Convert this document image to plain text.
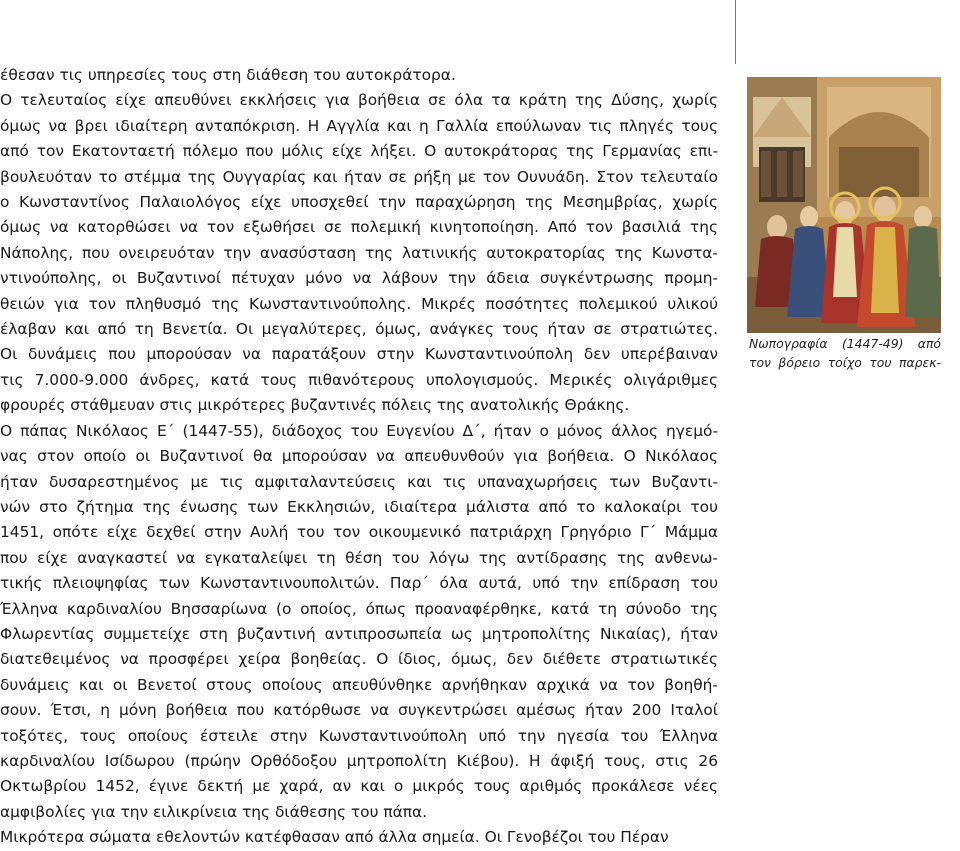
έθεσαν τις υπηρεσίες τους στη διάθεση του αυτοκράτορα.
Ο τελευταίος είχε απευθύνει εκκλήσεις για βοήθεια σε όλα τα κράτη της Δύσης, χωρίς
όμως να βρει ιδιαίτερη ανταπόκριση. Η Αγγλία και η Γαλλία επούλωναν τις πληγές τους
από τον Εκατονταετή πόλεμο που μόλις είχε λήξει. Ο αυτοκράτορας της Γερμανίας επι-
βουλευόταν το στέμμα της Ουγγαρίας και ήταν σε ρήξη με τον Ουνυάδη. Στον τελευταίο
ο Κωνσταντίνος Παλαιολόγος είχε υποσχεθεί την παραχώρηση της Μεσημβρίας, χωρίς
όμως να κατορθώσει να τον εξωθήσει σε πολεμική κινητοποίηση. Από τον βασιλιά της
Νάπολης, που ονειρευόταν την ανασύσταση της λατινικής αυτοκρατορίας της Κωνστα-
ντινούπολης, οι Βυζαντινοί πέτυχαν μόνο να λάβουν την άδεια συγκέντρωσης προμη-
θειών για τον πληθυσμό της Κωνσταντινούπολης. Μικρές ποσότητες πολεμικού υλικού
έλαβαν και από τη Βενετία. Οι μεγαλύτερες, όμως, ανάγκες τους ήταν σε στρατιώτες.
Οι δυνάμεις που μπορούσαν να παρατάξουν στην Κωνσταντινούπολη δεν υπερέβαιναν
τις 7.000-9.000 άνδρες, κατά τους πιθανότερους υπολογισμούς. Μερικές ολιγάριθμες
φρουρές στάθμευαν στις μικρότερες βυζαντινές πόλεις της ανατολικής Θράκης.
Ο πάπας Νικόλαος Ε΄ (1447-55), διάδοχος του Ευγενίου Δ΄, ήταν ο μόνος άλλος ηγεμό-
νας στον οποίο οι Βυζαντινοί θα μπορούσαν να απευθυνθούν για βοήθεια. Ο Νικόλαος
ήταν δυσαρεστημένος με τις αμφιταλαντεύσεις και τις υπαναχωρήσεις των Βυζαντι-
νών στο ζήτημα της ένωσης των Εκκλησιών, ιδιαίτερα μάλιστα από το καλοκαίρι του
1451, οπότε είχε δεχθεί στην Αυλή του τον οικουμενικό πατριάρχη Γρηγόριο Γ΄ Μάμμα
που είχε αναγκαστεί να εγκαταλείψει τη θέση του λόγω της αντίδρασης της ανθενω-
τικής πλειοψηφίας των Κωνσταντινουπολιτών. Παρ΄ όλα αυτά, υπό την επίδραση του
Έλληνα καρδιναλίου Βησσαρίωνα (ο οποίος, όπως προαναφέρθηκε, κατά τη σύνοδο της
Φλωρεντίας συμμετείχε στη βυζαντινή αντιπροσωπεία ως μητροπολίτης Νικαίας), ήταν
διατεθειμένος να προσφέρει χείρα βοηθείας. Ο ίδιος, όμως, δεν διέθετε στρατιωτικές
δυνάμεις και οι Βενετοί στους οποίους απευθύνθηκε αρνήθηκαν αρχικά να τον βοηθή-
σουν. Έτσι, η μόνη βοήθεια που κατόρθωσε να συγκεντρώσει αμέσως ήταν 200 Ιταλοί
τοξότες, τους οποίους έστειλε στην Κωνσταντινούπολη υπό την ηγεσία του Έλληνα
καρδιναλίου Ισίδωρου (πρώην Ορθόδοξου μητροπολίτη Κιέβου). Η άφιξή τους, στις 26
Οκτωβρίου 1452, έγινε δεκτή με χαρά, αν και ο μικρός τους αριθμός προκάλεσε νέες
αμφιβολίες για την ειλικρίνεια της διάθεσης του πάπα.
Μικρότερα σώματα εθελοντών κατέφθασαν από άλλα σημεία. Οι Γενοβέζοι του Πέραν
Νωπογραφία (1447-49) από
τον βόρειο τοίχο του παρεκ-
